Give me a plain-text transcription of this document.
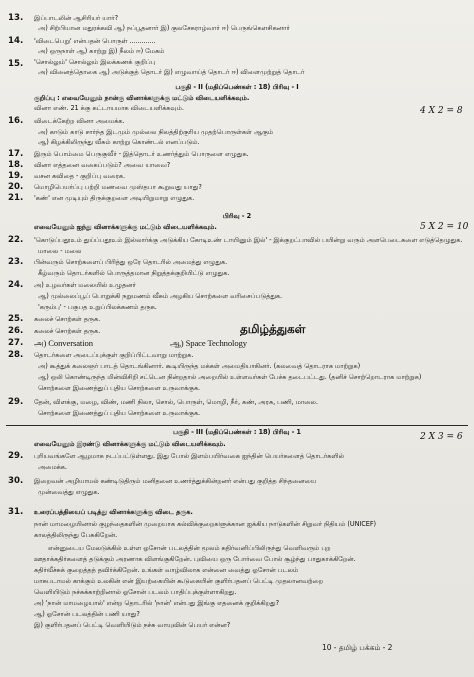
13. இப்பாடலின் ஆசிரியர் யார்?
அ) சிற்பியான மதுரக்கவி ஆ) நப்பூதனார் இ) குலசேகராழ்வார் ஈ) பெருங்கௌசிகனார்
14. 'விடைபெறு' என்பதன் பொருள் .............
அ) ஒருநாள் ஆ) காற்று இ) நீலம் ஈ) மேகம்
15. 'சொல்லும்' சொல்லும் இலக்கணக் குறிப்பு
அ) வினைத்தொகை ஆ) அடுக்குத் தொடர் இ) எழுவாய்த் தொடர் ஈ) விளைமுற்றுத் தொடர்
பகுதி - II (மதிப்பெண்கள் : 18) பிரிவு - I
குறிப்பு : எவையேனும் நான்கு வினாக்களுக்கு மட்டும் விடையளிக்கவும்.
வினா எண். 21 க்கு கட்டாயமாக விடையளிக்கவும்.	4 X 2 = 8
16. விடைக்கேற்ற வினா அமைக்க.
அ) காடும் காடு சார்ந்த இடமும் முல்லை நிலத்திற்குரிய முதற்பொருள்கள் ஆகும்
ஆ) கிழக்கிலிருந்து வீசும் காற்று கொண்டல் எனப்படும்.
17. இரும் பொம்மை பெருகுவீர் - இத்தொடர் உணர்த்தும் பொருளை எழுதுக.
18. வினா எத்தனை வகைப்படும்? அவை யாவை?
19. வசன கவிதை - குறிப்பு வரைக.
20. மொழிபெயர்ப்பு பற்றி மணவை முஸ்தபா கூறுவது யாது?
21. 'கண்' என முடியும் திருக்குறளை அடியிறுமாறு எழுதுக.
பிரிவு - 2
எவையேனும் ஐந்து வினாக்களுக்கு மட்டும் விடையளிக்கவும்.	5 X 2 = 10
22. 'கொடுப்பதூஉம் துய்ப்பதூஉம் இல்லார்க்கு அடுக்கிய கோடிஉண் டாயினும் இல்' - இக்குறட்பாவில் பயின்று வரும் அளபெடைகளை எடுத்தெழுதுக.
மாலை - மலை
23. பின்வரும் சொற்களைப் பிரித்து ஒரே தொடரில் அமைத்து எழுதுக.
கீழ்வரும் தொடர்களில் பொருத்தமான நிறுத்தக்குறியிட்டு எழுதுக.
24. அ) உழவர்கள் மலையில் உழுதனர்
ஆ) முல்லைப்பூப் பொறுக்கி நறுமணம் வீசும் அழகிய சொற்களை வரிசைப்படுத்துக.
'கரும்பு' - பகுபத உறுப்பிலக்கணம் தருக.
25. கலைச் சொற்கள் தருக.
26. கலைச் சொற்கள் தருக.	தமிழ்த்துகள்
27. அ) Conversation	ஆ) Space Technology
28. தொடர்களை அடைப்புக்குள் குறிப்பிட்டவாறு மாற்றுக.
அ) கூத்துக் கலைஞர் பாடத் தொடங்கினார். கூடியிருந்த மக்கள் அமைதியாகினர். (கலவைத் தொடராக மாற்றுக)
ஆ) ஒலி கொண்டிருந்த மின்விசிறி சட்டென நின்றதால் அறையில் உள்ளவர்கள் பேச்சு தடைபட்டது. (தனிச் சொற்றொடராக மாற்றுக)
சொற்களை இணைத்துப் புதிய சொற்களை உருவாக்குக.
29. தேன், விளக்கு, மழை, விண், மணி நிலா, சொல், பொருள், மொழி, நீர், கண், அரசு, பணி, மாலை.
சொற்களை இணைத்துப் புதிய சொற்களை உருவாக்குக.
பகுதி - III (மதிப்பெண்கள் : 18) பிரிவு - 1
எவையேனும் இரண்டு வினாக்களுக்கு மட்டும் விடையளிக்கவும்.
2 X 3 = 6
29. புரியவங்களே ஆழமாக நடப்பட்டுள்ளது. இது போல் இளம்பயிர்வகை ஐந்தின் பெயர்களைத் தொடர்களில்
அமைக்க.
30. இறைவன் அழியாமல் கண்டிடுதிரும் மனிதனை உணர்த்துக்கின்றனர் என்பது குறித்த சிந்தனையை
முன்வைத்து எழுதுக.
31. உரைப்பத்தியைப் படித்து வினாக்களுக்கு விடை தருக.
நான் மாமழையினால் குழந்தைகளின் முறையாக கல்விக்குறைகளுக்கான ஐக்கிய நாடுகளின் சிறுவர் நிதியம் (UNICEF)
காலத்திலிருந்து பேசுகிறேன்.
என்னுடைய மேலடுக்கில் உள்ள ஓசோன் படலத்தின் மூலம் கதிர்வனிப்பிலிருந்து வெளிவரும் புற
ஊதாக்கதிர்களைத் தடுக்கும் அரணாக விளங்குகிறேன். புவியை ஒரு போர்வை போல் சூழ்ந்து பாதுகாக்கிறேன்.
கதிர்வீச்சுக் குறைத்தத் தவிர்க்கிறேன். உங்கள் வாழ்விலாக என்னை வைத்து ஓசோன் படலம்
மாசுபடாமல் காக்கும் உலகின் என் இயற்கையின் கூடுகையின் குளிர்பதனப் பெட்டி முதலானவற்றை
வெளியிடும் நச்சுக்காற்றினால் ஓசோன் படலம் பாதிப்புக்குள்ளாகிறது.
அ) 'நான் மாமழையால்' என்ற தொடரில் 'நான்' என்பது இங்கு எதனைக் குறிக்கிறது?
ஆ) ஓசோன் படலத்தின் பணி யாது?
இ) குளிர்பதனப் பெட்டி வெளியிடும் நச்சு வாயுவின் பெயர் என்ன?
10 - தமிழ் பக்கம் - 2
